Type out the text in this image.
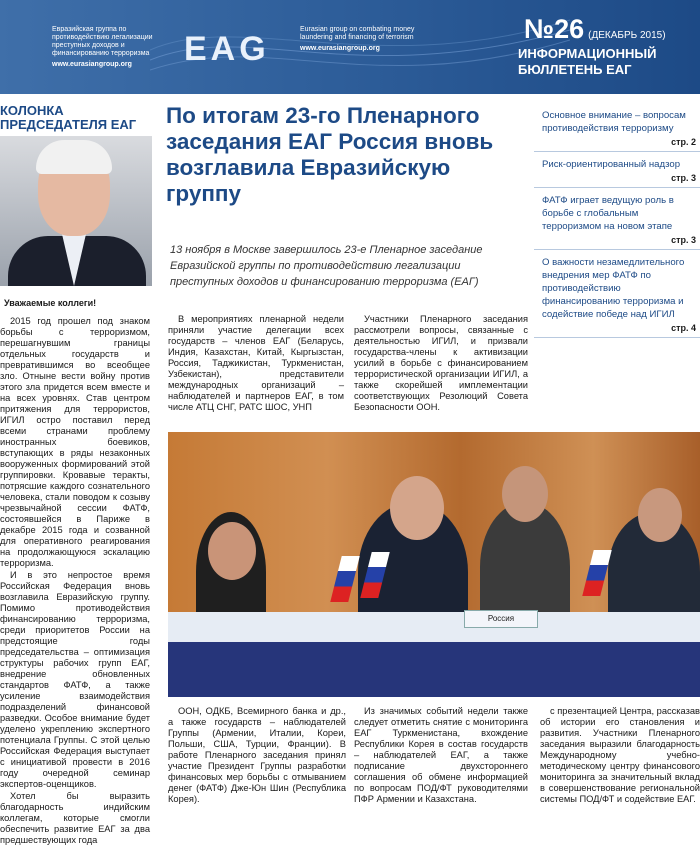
Евразийская группа по противодействию легализации преступных доходов и финансированию терроризма
www.eurasiangroup.org	EAG
Eurasian group on combating money laundering and financing of terrorism
www.eurasiangroup.org
№26 (ДЕКАБРЬ 2015)
ИНФОРМАЦИОННЫЙ
БЮЛЛЕТЕНЬ ЕАГ
КОЛОНКА
ПРЕДСЕДАТЕЛЯ ЕАГ
Уважаемые коллеги!

2015 год прошел под знаком борьбы с терроризмом, перешагнувшим границы отдельных государств и превратившимся во всеобщее зло. Отныне вести войну против этого зла придется всем вместе и на всех уровнях. Став центром притяжения для террористов, ИГИЛ остро поставил перед всеми странами проблему иностранных боевиков, вступающих в ряды незаконных вооруженных формирований этой группировки. Кровавые теракты, потрясшие каждого сознательного человека, стали поводом к созыву чрезвычайной сессии ФАТФ, состоявшейся в Париже в декабре 2015 года и созванной для оперативного реагирования на продолжающуюся эскалацию терроризма.

И в это непростое время Российская Федерация вновь возглавила Евразийскую группу. Помимо противодействия финансированию терроризма, среди приоритетов России на предстоящие годы председательства – оптимизация структуры рабочих групп ЕАГ, внедрение обновленных стандартов ФАТФ, а также усиление взаимодействия подразделений финансовой разведки. Особое внимание будет уделено укреплению экспертного потенциала Группы. С этой целью Российская Федерация выступает с инициативой провести в 2016 году очередной семинар экспертов-оценщиков.

Хотел бы выразить благодарность индийским коллегам, которые смогли обеспечить развитие ЕАГ за два предшествующих года

По итогам 23-го Пленарного заседания ЕАГ Россия вновь возглавила Евразийскую группу
13 ноября в Москве завершилось 23-е Пленарное заседание Евразийской группы по противодействию легализации преступных доходов и финансированию терроризма (ЕАГ)

В мероприятиях пленарной недели приняли участие делегации всех государств – членов ЕАГ (Беларусь, Индия, Казахстан, Китай, Кыргызстан, Россия, Таджикистан, Туркменистан, Узбекистан), представители международных организаций – наблюдателей и партнеров ЕАГ, в том числе АТЦ СНГ, РАТС ШОС, УНП

Участники Пленарного заседания рассмотрели вопросы, связанные с деятельностью ИГИЛ, и призвали государства-члены к активизации усилий в борьбе с финансированием террористической организации ИГИЛ, а также скорейшей имплементации соответствующих Резолюций Совета Безопасности ООН.

Основное внимание – вопросам противодействия терроризму
стр. 2
Риск-ориентированный надзор
стр. 3
ФАТФ играет ведущую роль в борьбе с глобальным терроризмом на новом этапе
стр. 3
О важности незамедлительного внедрения мер ФАТФ по противодействию финансированию терроризма и содействие победе над ИГИЛ
стр. 4
Россия

ООН, ОДКБ, Всемирного банка и др., а также государств – наблюдателей Группы (Армении, Италии, Кореи, Польши, США, Турции, Франции). В работе Пленарного заседания принял участие Президент Группы разработки финансовых мер борьбы с отмыванием денег (ФАТФ) Дже-Юн Шин (Республика Корея).

Из значимых событий недели также следует отметить снятие с мониторинга ЕАГ Туркменистана, вхождение Республики Корея в состав государств – наблюдателей ЕАГ, а также подписание двухстороннего соглашения об обмене информацией по вопросам ПОД/ФТ руководителями ПФР Армении и Казахстана.

с презентацией Центра, рассказав об истории его становления и развития. Участники Пленарного заседания выразили благодарность Международному учебно-методическому центру финансового мониторинга за значительный вклад в совершенствование региональной системы ПОД/ФТ и содействие ЕАГ.
